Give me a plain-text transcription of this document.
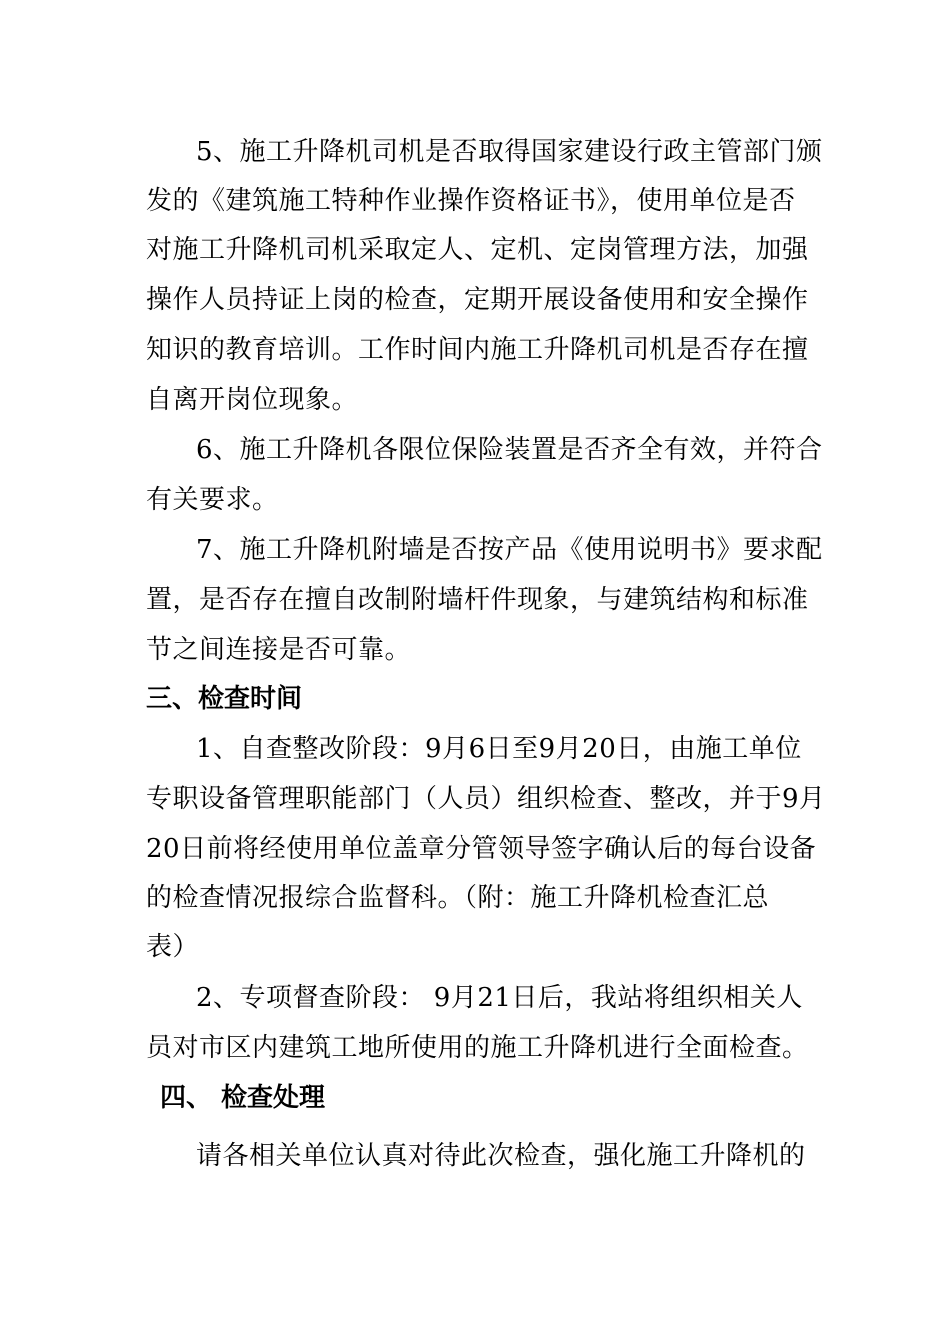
5、施工升降机司机是否取得国家建设行政主管部门颁
发的《建筑施工特种作业操作资格证书》，使用单位是否
对施工升降机司机采取定人、定机、定岗管理方法，加强
操作人员持证上岗的检查，定期开展设备使用和安全操作
知识的教育培训。工作时间内施工升降机司机是否存在擅
自离开岗位现象。
6、施工升降机各限位保险装置是否齐全有效，并符合
有关要求。
7、施工升降机附墙是否按产品《使用说明书》要求配
置，是否存在擅自改制附墙杆件现象，与建筑结构和标准
节之间连接是否可靠。
三、检查时间
1、自查整改阶段：9月6日至9月20日，由施工单位
专职设备管理职能部门（人员）组织检查、整改，并于9月
20日前将经使用单位盖章分管领导签字确认后的每台设备
的检查情况报综合监督科。（附：施工升降机检查汇总
表）
2、专项督查阶段： 9月21日后，我站将组织相关人
员对市区内建筑工地所使用的施工升降机进行全面检查。
四、 检查处理
请各相关单位认真对待此次检查，强化施工升降机的
